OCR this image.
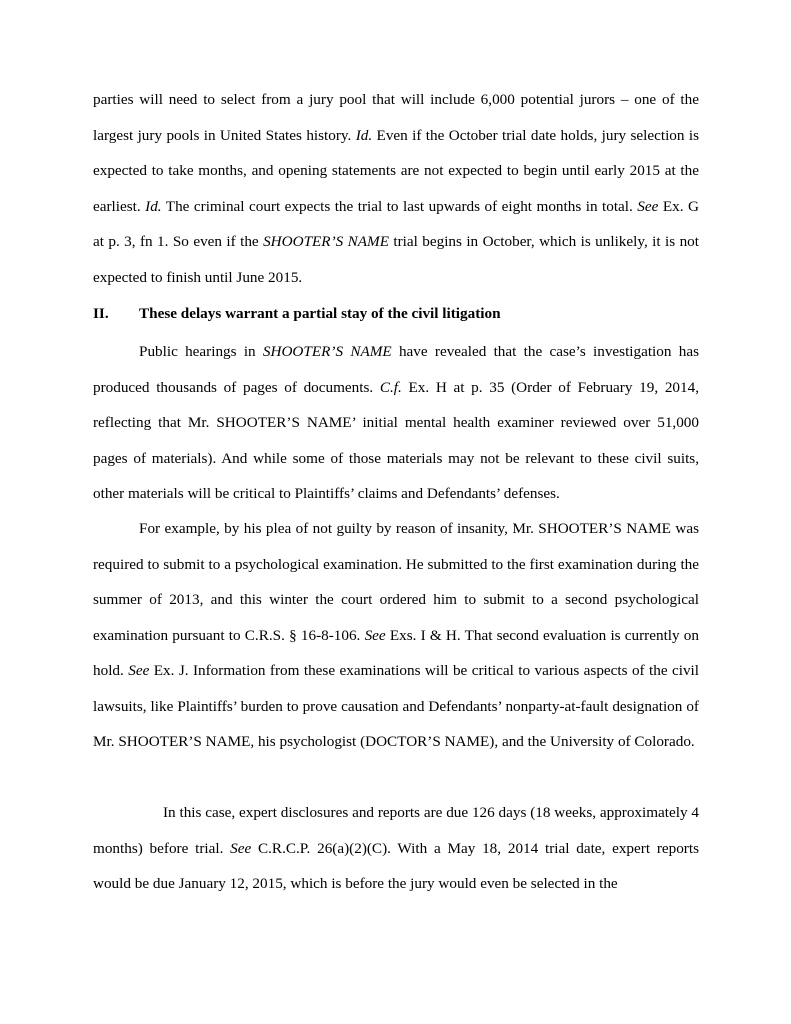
parties will need to select from a jury pool that will include 6,000 potential jurors – one of the largest jury pools in United States history. Id. Even if the October trial date holds, jury selection is expected to take months, and opening statements are not expected to begin until early 2015 at the earliest. Id. The criminal court expects the trial to last upwards of eight months in total. See Ex. G at p. 3, fn 1. So even if the SHOOTER’S NAME trial begins in October, which is unlikely, it is not expected to finish until June 2015.

II.	These delays warrant a partial stay of the civil litigation

Public hearings in SHOOTER’S NAME have revealed that the case’s investigation has produced thousands of pages of documents. C.f. Ex. H at p. 35 (Order of February 19, 2014, reflecting that Mr. SHOOTER’S NAME’ initial mental health examiner reviewed over 51,000 pages of materials). And while some of those materials may not be relevant to these civil suits, other materials will be critical to Plaintiffs’ claims and Defendants’ defenses.

For example, by his plea of not guilty by reason of insanity, Mr. SHOOTER’S NAME was required to submit to a psychological examination. He submitted to the first examination during the summer of 2013, and this winter the court ordered him to submit to a second psychological examination pursuant to C.R.S. § 16-8-106. See Exs. I & H. That second evaluation is currently on hold. See Ex. J. Information from these examinations will be critical to various aspects of the civil lawsuits, like Plaintiffs’ burden to prove causation and Defendants’ nonparty-at-fault designation of Mr. SHOOTER’S NAME, his psychologist (DOCTOR’S NAME), and the University of Colorado.

In this case, expert disclosures and reports are due 126 days (18 weeks, approximately 4 months) before trial. See C.R.C.P. 26(a)(2)(C). With a May 18, 2014 trial date, expert reports would be due January 12, 2015, which is before the jury would even be selected in the
